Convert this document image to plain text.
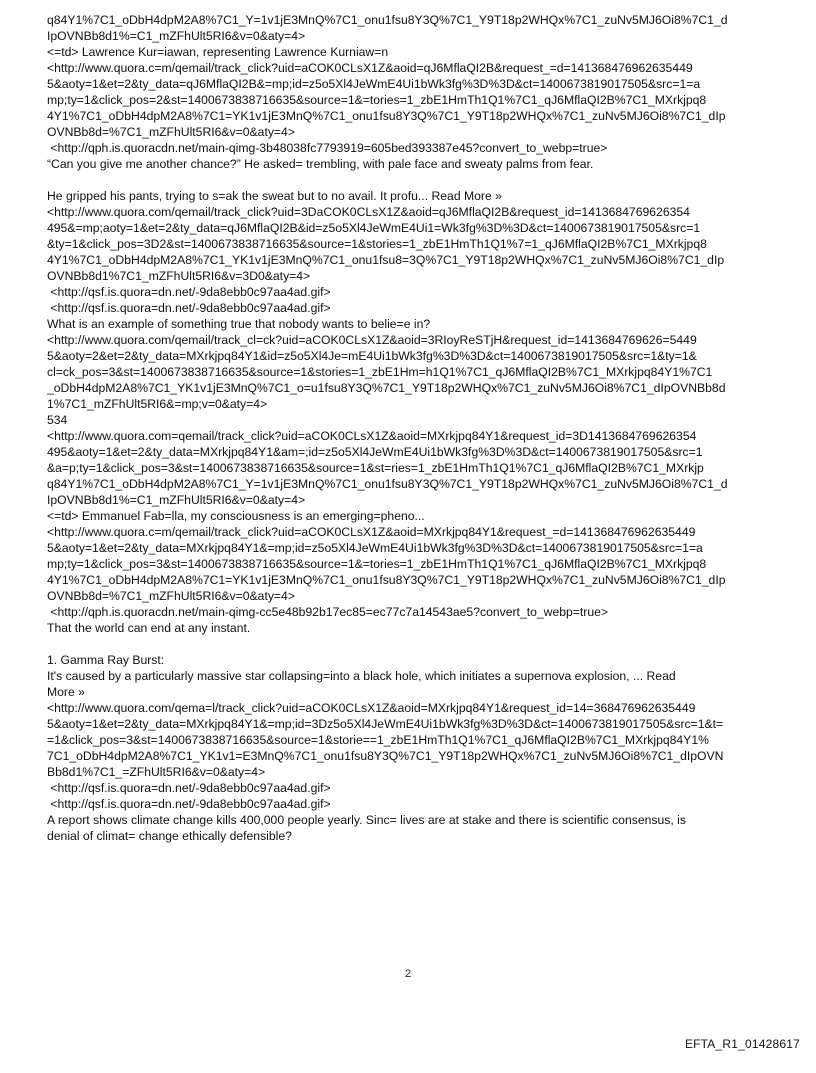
q84Y1%7C1_oDbH4dpM2A8%7C1_Y=1v1jE3MnQ%7C1_onu1fsu8Y3Q%7C1_Y9T18p2WHQx%7C1_zuNv5MJ6Oi8%7C1_d
IpOVNBb8d1%=C1_mZFhUlt5RI6&v=0&aty=4>
<=td> Lawrence Kur=iawan, representing Lawrence Kurniaw=n
<http://www.quora.c=m/qemail/track_click?uid=aCOK0CLsX1Z&aoid=qJ6MflaQI2B&request_=d=141368476962635449
5&aoty=1&et=2&ty_data=qJ6MflaQI2B&=mp;id=z5o5Xl4JeWmE4Ui1bWk3fg%3D%3D&ct=1400673819017505&src=1=a
mp;ty=1&click_pos=2&st=1400673838716635&source=1&=tories=1_zbE1HmTh1Q1%7C1_qJ6MflaQI2B%7C1_MXrkjpq8
4Y1%7C1_oDbH4dpM2A8%7C1=YK1v1jE3MnQ%7C1_onu1fsu8Y3Q%7C1_Y9T18p2WHQx%7C1_zuNv5MJ6Oi8%7C1_dIp
OVNBb8d=%7C1_mZFhUlt5RI6&v=0&aty=4>
<http://qph.is.quoracdn.net/main-qimg-3b48038fc7793919=605bed393387e45?convert_to_webp=true>
“Can you give me another chance?” He asked= trembling, with pale face and sweaty palms from fear.
He gripped his pants, trying to s=ak the sweat but to no avail. It profu... Read More »
<http://www.quora.com/qemail/track_click?uid=3DaCOK0CLsX1Z&aoid=qJ6MflaQI2B&request_id=1413684769626354
495&=mp;aoty=1&et=2&ty_data=qJ6MflaQI2B&id=z5o5Xl4JeWmE4Ui1=Wk3fg%3D%3D&ct=1400673819017505&src=1
&ty=1&click_pos=3D2&st=1400673838716635&source=1&stories=1_zbE1HmTh1Q1%7=1_qJ6MflaQI2B%7C1_MXrkjpq8
4Y1%7C1_oDbH4dpM2A8%7C1_YK1v1jE3MnQ%7C1_onu1fsu8=3Q%7C1_Y9T18p2WHQx%7C1_zuNv5MJ6Oi8%7C1_dIp
OVNBb8d1%7C1_mZFhUlt5RI6&v=3D0&aty=4>
<http://qsf.is.quora=dn.net/-9da8ebb0c97aa4ad.gif>
<http://qsf.is.quora=dn.net/-9da8ebb0c97aa4ad.gif>
What is an example of something true that nobody wants to belie=e in?
<http://www.quora.com/qemail/track_cl=ck?uid=aCOK0CLsX1Z&aoid=3RIoyReSTjH&request_id=1413684769626=5449
5&aoty=2&et=2&ty_data=MXrkjpq84Y1&id=z5o5Xl4Je=mE4Ui1bWk3fg%3D%3D&ct=1400673819017505&src=1&ty=1&
cl=ck_pos=3&st=1400673838716635&source=1&stories=1_zbE1Hm=h1Q1%7C1_qJ6MflaQI2B%7C1_MXrkjpq84Y1%7C1
_oDbH4dpM2A8%7C1_YK1v1jE3MnQ%7C1_o=u1fsu8Y3Q%7C1_Y9T18p2WHQx%7C1_zuNv5MJ6Oi8%7C1_dIpOVNBb8d
1%7C1_mZFhUlt5RI6&=mp;v=0&aty=4>
534
<http://www.quora.com=qemail/track_click?uid=aCOK0CLsX1Z&aoid=MXrkjpq84Y1&request_id=3D1413684769626354
495&aoty=1&et=2&ty_data=MXrkjpq84Y1&am=;id=z5o5Xl4JeWmE4Ui1bWk3fg%3D%3D&ct=1400673819017505&src=1
&a=p;ty=1&click_pos=3&st=1400673838716635&source=1&st=ries=1_zbE1HmTh1Q1%7C1_qJ6MflaQI2B%7C1_MXrkjp
q84Y1%7C1_oDbH4dpM2A8%7C1_Y=1v1jE3MnQ%7C1_onu1fsu8Y3Q%7C1_Y9T18p2WHQx%7C1_zuNv5MJ6Oi8%7C1_d
IpOVNBb8d1%=C1_mZFhUlt5RI6&v=0&aty=4>
<=td> Emmanuel Fab=lla, my consciousness is an emerging=pheno...
<http://www.quora.c=m/qemail/track_click?uid=aCOK0CLsX1Z&aoid=MXrkjpq84Y1&request_=d=141368476962635449
5&aoty=1&et=2&ty_data=MXrkjpq84Y1&=mp;id=z5o5Xl4JeWmE4Ui1bWk3fg%3D%3D&ct=1400673819017505&src=1=a
mp;ty=1&click_pos=3&st=1400673838716635&source=1&=tories=1_zbE1HmTh1Q1%7C1_qJ6MflaQI2B%7C1_MXrkjpq8
4Y1%7C1_oDbH4dpM2A8%7C1=YK1v1jE3MnQ%7C1_onu1fsu8Y3Q%7C1_Y9T18p2WHQx%7C1_zuNv5MJ6Oi8%7C1_dIp
OVNBb8d=%7C1_mZFhUlt5RI6&v=0&aty=4>
<http://qph.is.quoracdn.net/main-qimg-cc5e48b92b17ec85=ec77c7a14543ae5?convert_to_webp=true>
That the world can end at any instant.
1. Gamma Ray Burst:
It's caused by a particularly massive star collapsing=into a black hole, which initiates a supernova explosion, ... Read
More »
<http://www.quora.com/qema=l/track_click?uid=aCOK0CLsX1Z&aoid=MXrkjpq84Y1&request_id=14=368476962635449
5&aoty=1&et=2&ty_data=MXrkjpq84Y1&=mp;id=3Dz5o5Xl4JeWmE4Ui1bWk3fg%3D%3D&ct=1400673819017505&src=1&t=
=1&click_pos=3&st=1400673838716635&source=1&storie==1_zbE1HmTh1Q1%7C1_qJ6MflaQI2B%7C1_MXrkjpq84Y1%
7C1_oDbH4dpM2A8%7C1_YK1v1=E3MnQ%7C1_onu1fsu8Y3Q%7C1_Y9T18p2WHQx%7C1_zuNv5MJ6Oi8%7C1_dIpOVN
Bb8d1%7C1_=ZFhUlt5RI6&v=0&aty=4>
<http://qsf.is.quora=dn.net/-9da8ebb0c97aa4ad.gif>
<http://qsf.is.quora=dn.net/-9da8ebb0c97aa4ad.gif>
A report shows climate change kills 400,000 people yearly. Sinc= lives are at stake and there is scientific consensus, is
denial of climat= change ethically defensible?
2
EFTA_R1_01428617
